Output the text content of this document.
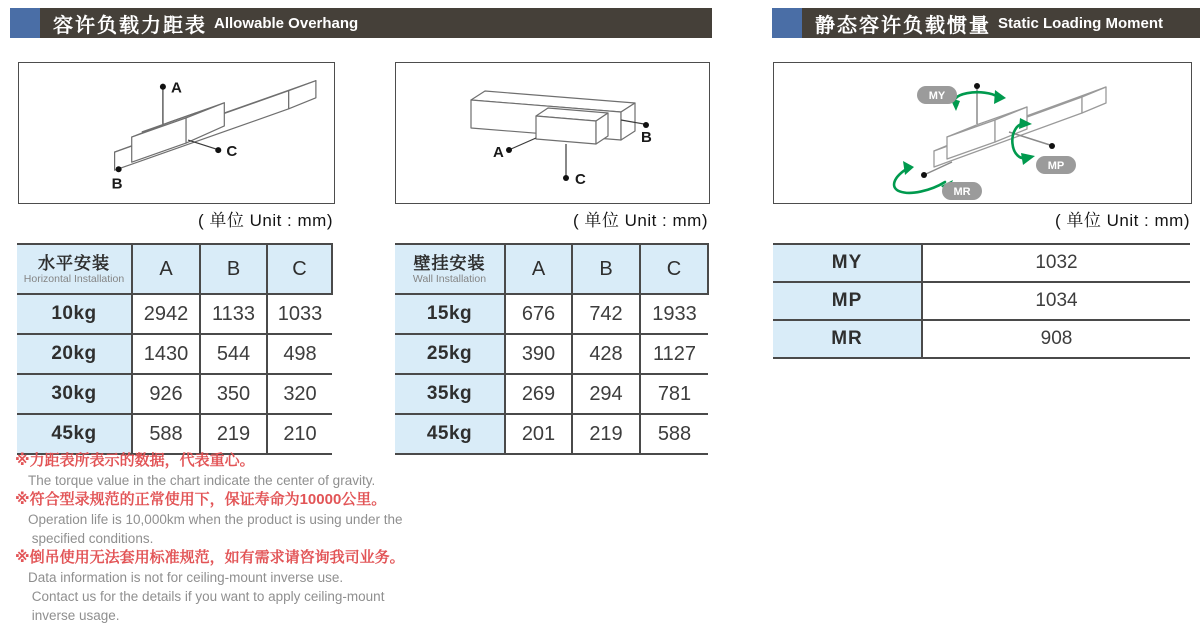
容许负载力距表 Allowable Overhang	静态容许负载惯量 Static Loading Moment
A
C
B
( 单位 Unit : mm)
A
B
C
( 单位 Unit : mm)
MY
MP
MR
( 单位 Unit : mm)
水平安装
Horizontal Installation	A	B	C
10kg	2942	1133	1033
20kg	1430	544	498
30kg	926	350	320
45kg	588	219	210
壁挂安装
Wall Installation	A	B	C
15kg	676	742	1933
25kg	390	428	1127
35kg	269	294	781
45kg	201	219	588
MY	1032
MP	1034
MR	908
※力距表所表示的数据，代表重心。
The torque value in the chart indicate the center of gravity.
※符合型录规范的正常使用下，保证寿命为10000公里。
Operation life is 10,000km when the product is using under the
specified conditions.
※倒吊使用无法套用标准规范，如有需求请咨询我司业务。
Data information is not for ceiling-mount inverse use.
Contact us for the details if you want to apply ceiling-mount
inverse usage.
